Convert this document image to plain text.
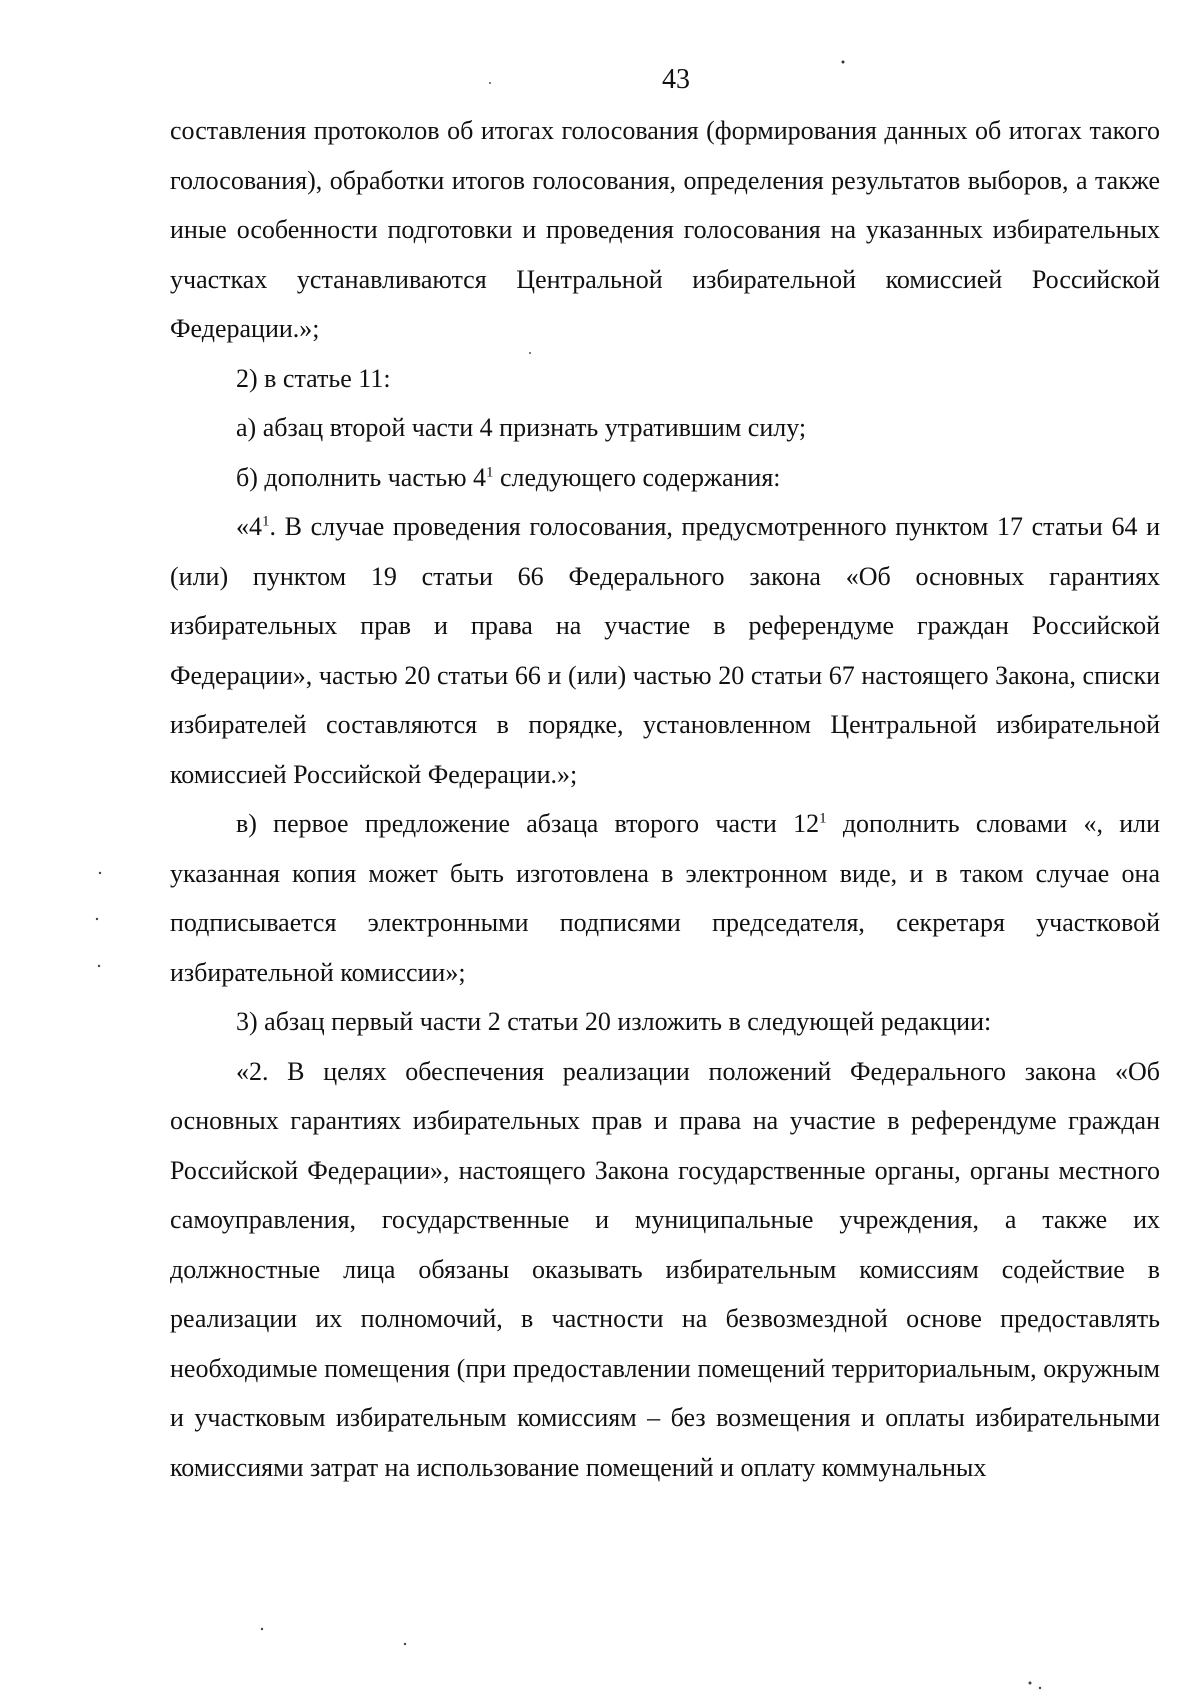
43

составления протоколов об итогах голосования (формирования данных об итогах такого голосования), обработки итогов голосования, определения результатов выборов, а также иные особенности подготовки и проведения голосования на указанных избирательных участках устанавливаются Центральной избирательной комиссией Российской Федерации.»;

2) в статье 11:

а) абзац второй части 4 признать утратившим силу;

б) дополнить частью $4^1$ следующего содержания:

«$4^1$. В случае проведения голосования, предусмотренного пунктом 17 статьи 64 и (или) пунктом 19 статьи 66 Федерального закона «Об основных гарантиях избирательных прав и права на участие в референдуме граждан Российской Федерации», частью 20 статьи 66 и (или) частью 20 статьи 67 настоящего Закона, списки избирателей составляются в порядке, установленном Центральной избирательной комиссией Российской Федерации.»;

в) первое предложение абзаца второго части $12^1$ дополнить словами «, или указанная копия может быть изготовлена в электронном виде, и в таком случае она подписывается электронными подписями председателя, секретаря участковой избирательной комиссии»;

3) абзац первый части 2 статьи 20 изложить в следующей редакции:

«2. В целях обеспечения реализации положений Федерального закона «Об основных гарантиях избирательных прав и права на участие в референдуме граждан Российской Федерации», настоящего Закона государственные органы, органы местного самоуправления, государственные и муниципальные учреждения, а также их должностные лица обязаны оказывать избирательным комиссиям содействие в реализации их полномочий, в частности на безвозмездной основе предоставлять необходимые помещения (при предоставлении помещений территориальным, окружным и участковым избирательным комиссиям – без возмещения и оплаты избирательными комиссиями затрат на использование помещений и оплату коммунальных
